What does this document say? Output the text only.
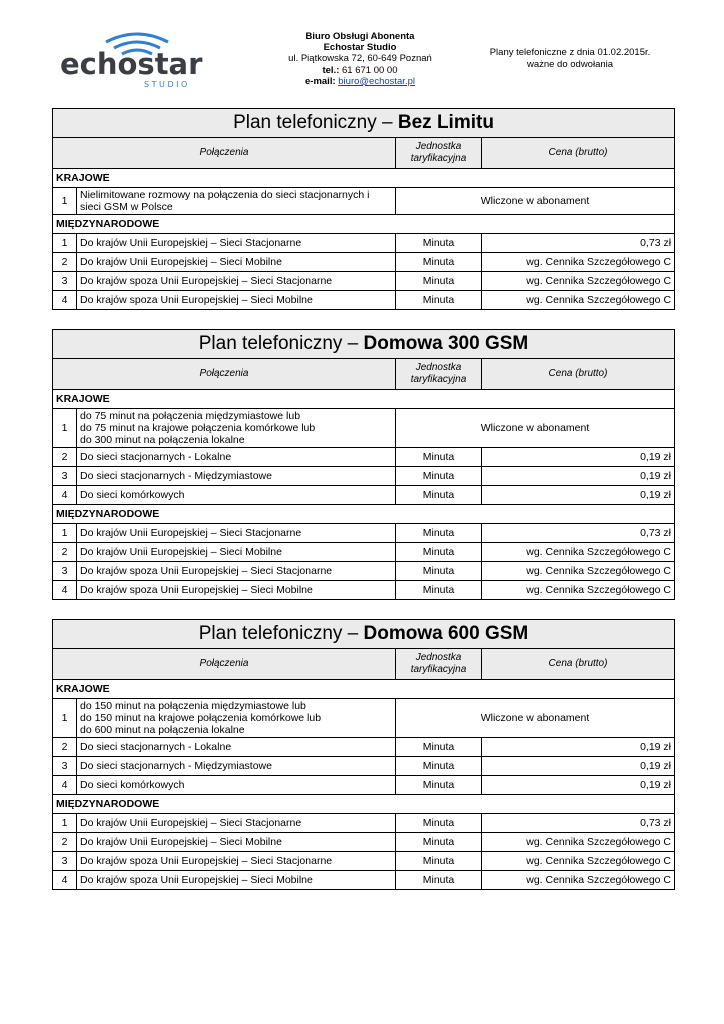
echostar
S T U D I O
Biuro Obsługi Abonenta
Echostar Studio
ul. Piątkowska 72, 60-649 Poznań
tel.: 61 671 00 00
e-mail: biuro@echostar.pl
Plany telefoniczne z dnia 01.02.2015r.
ważne do odwołania
Plan telefoniczny – Bez Limitu			
Połączenia		Jednostka
taryfikacyjna	Cena (brutto)
KRAJOWE			
1	Nielimitowane rozmowy na połączenia do sieci stacjonarnych i
sieci GSM w Polsce	Wliczone w abonament	
MIĘDZYNARODOWE			
1	Do krajów Unii Europejskiej – Sieci Stacjonarne	Minuta	0,73 zł
2	Do krajów Unii Europejskiej – Sieci Mobilne	Minuta	wg. Cennika Szczegółowego C
3	Do krajów spoza Unii Europejskiej – Sieci Stacjonarne	Minuta	wg. Cennika Szczegółowego C
4	Do krajów spoza Unii Europejskiej – Sieci Mobilne	Minuta	wg. Cennika Szczegółowego C
Plan telefoniczny – Domowa 300 GSM			
Połączenia		Jednostka
taryfikacyjna	Cena (brutto)
KRAJOWE			
1	do 75 minut na połączenia międzymiastowe lub
do 75 minut na krajowe połączenia komórkowe lub
do 300 minut na połączenia lokalne	Wliczone w abonament	
2	Do sieci stacjonarnych - Lokalne	Minuta	0,19 zł
3	Do sieci stacjonarnych - Międzymiastowe	Minuta	0,19 zł
4	Do sieci komórkowych	Minuta	0,19 zł
MIĘDZYNARODOWE			
1	Do krajów Unii Europejskiej – Sieci Stacjonarne	Minuta	0,73 zł
2	Do krajów Unii Europejskiej – Sieci Mobilne	Minuta	wg. Cennika Szczegółowego C
3	Do krajów spoza Unii Europejskiej – Sieci Stacjonarne	Minuta	wg. Cennika Szczegółowego C
4	Do krajów spoza Unii Europejskiej – Sieci Mobilne	Minuta	wg. Cennika Szczegółowego C
Plan telefoniczny – Domowa 600 GSM			
Połączenia		Jednostka
taryfikacyjna	Cena (brutto)
KRAJOWE			
1	do 150 minut na połączenia międzymiastowe lub
do 150 minut na krajowe połączenia komórkowe lub
do 600 minut na połączenia lokalne	Wliczone w abonament	
2	Do sieci stacjonarnych - Lokalne	Minuta	0,19 zł
3	Do sieci stacjonarnych - Międzymiastowe	Minuta	0,19 zł
4	Do sieci komórkowych	Minuta	0,19 zł
MIĘDZYNARODOWE			
1	Do krajów Unii Europejskiej – Sieci Stacjonarne	Minuta	0,73 zł
2	Do krajów Unii Europejskiej – Sieci Mobilne	Minuta	wg. Cennika Szczegółowego C
3	Do krajów spoza Unii Europejskiej – Sieci Stacjonarne	Minuta	wg. Cennika Szczegółowego C
4	Do krajów spoza Unii Europejskiej – Sieci Mobilne	Minuta	wg. Cennika Szczegółowego C
